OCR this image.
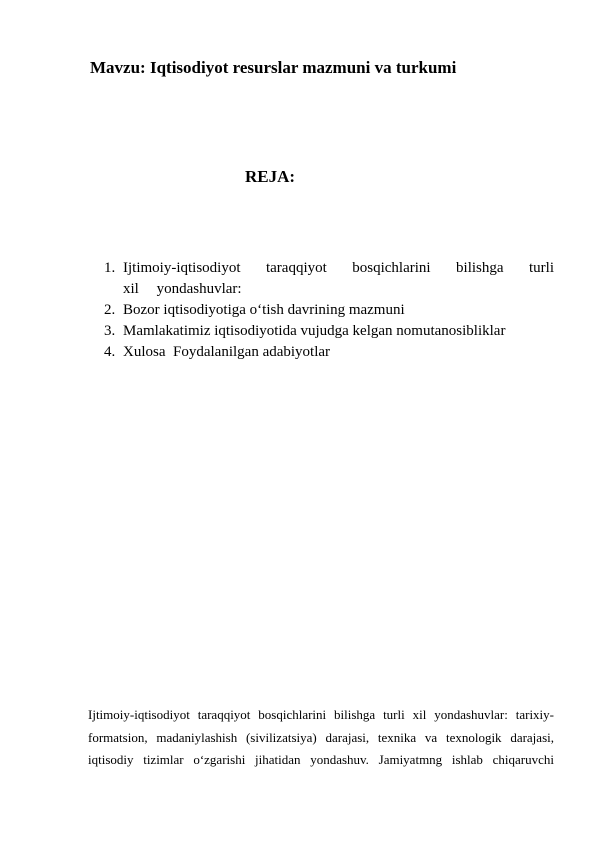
Mavzu: Iqtisodiyot resurslar mazmuni va turkumi
REJA:
1. Ijtimoiy-iqtisodiyot taraqqiyot bosqichlarini bilishga turli xil yondashuvlar:
2. Bozor iqtisodiyotiga o‘tish davrining mazmuni
3. Mamlakatimiz iqtisodiyotida vujudga kelgan nomutanosibliklar
4. Xulosa  Foydalanilgan adabiyotlar
Ijtimoiy-iqtisodiyot taraqqiyot bosqichlarini bilishga turli xil yondashuvlar: tarixiy-formatsion, madaniylashish (sivilizatsiya) darajasi, texnika va texnologik darajasi, iqtisodiy tizimlar o‘zgarishi jihatidan yondashuv. Jamiyatmng ishlab chiqaruvchi
